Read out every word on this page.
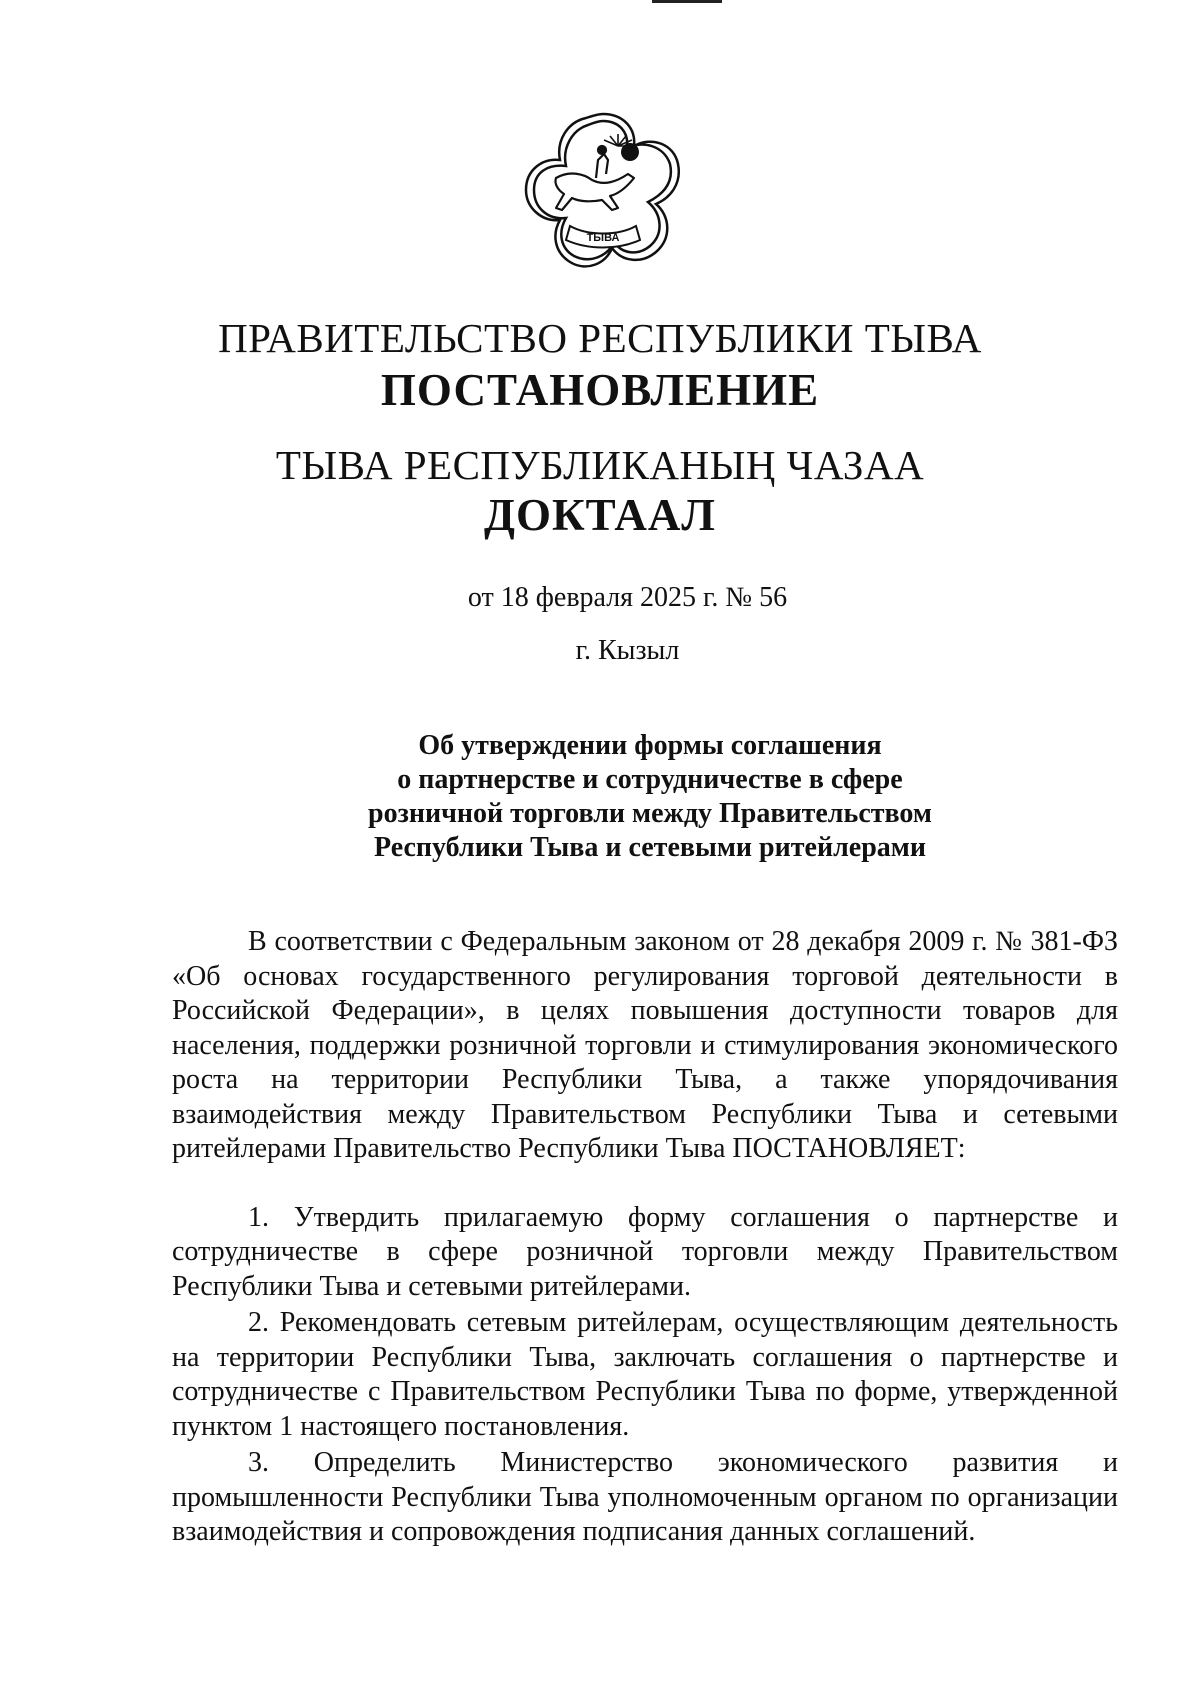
ТЫВА
ПРАВИТЕЛЬСТВО РЕСПУБЛИКИ ТЫВА
ПОСТАНОВЛЕНИЕ
ТЫВА РЕСПУБЛИКАНЫҢ ЧАЗАА
ДОКТААЛ
от 18 февраля 2025 г. № 56
г. Кызыл
Об утверждении формы соглашения
о партнерстве и сотрудничестве в сфере
розничной торговли между Правительством
Республики Тыва и сетевыми ритейлерами

В соответствии с Федеральным законом от 28 декабря 2009 г. № 381-ФЗ «Об основах государственного регулирования торговой деятельности в Российской Федерации», в целях повышения доступности товаров для населения, поддержки розничной торговли и стимулирования экономического роста на территории Республики Тыва, а также упорядочивания взаимодействия между Правительством Республики Тыва и сетевыми ритейлерами Правительство Республики Тыва ПОСТАНОВЛЯЕТ:

1. Утвердить прилагаемую форму соглашения о партнерстве и сотрудничестве в сфере розничной торговли между Правительством Республики Тыва и сетевыми ритейлерами.

2. Рекомендовать сетевым ритейлерам, осуществляющим деятельность на территории Республики Тыва, заключать соглашения о партнерстве и сотрудничестве с Правительством Республики Тыва по форме, утвержденной пунктом 1 настоящего постановления.

3. Определить Министерство экономического развития и промышленности Республики Тыва уполномоченным органом по организации взаимодействия и сопровождения подписания данных соглашений.
